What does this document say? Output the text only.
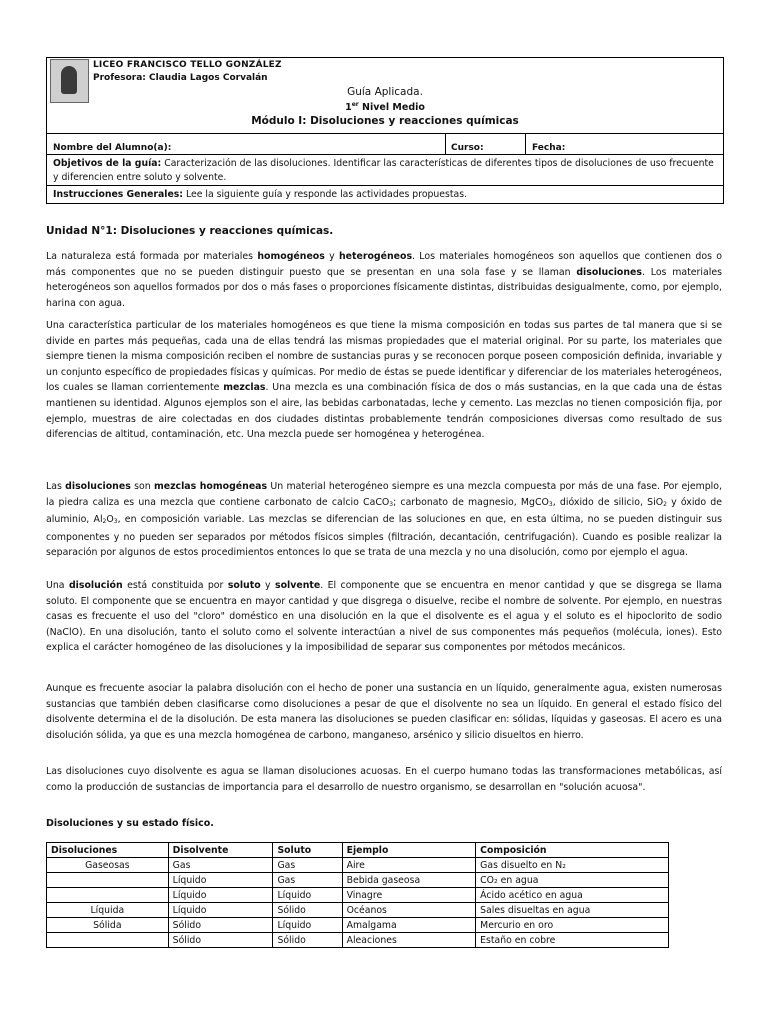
LICEO FRANCISCO TELLO GONZÁLEZ
Profesora: Claudia Lagos Corvalán
Guía Aplicada.
1er Nivel Medio
Módulo I: Disoluciones y reacciones químicas
Nombre del Alumno(a):	Curso:	Fecha:
Objetivos de la guía: Caracterización de las disoluciones. Identificar las características de diferentes tipos de disoluciones de uso frecuente y diferencien entre soluto y solvente.
Instrucciones Generales: Lee la siguiente guía y responde las actividades propuestas.
Unidad N°1: Disoluciones y reacciones químicas.

La naturaleza está formada por materiales homogéneos y heterogéneos. Los materiales homogéneos son aquellos que contienen dos o más componentes que no se pueden distinguir puesto que se presentan en una sola fase y se llaman disoluciones. Los materiales heterogéneos son aquellos formados por dos o más fases o proporciones físicamente distintas, distribuidas desigualmente, como, por ejemplo, harina con agua.

Una característica particular de los materiales homogéneos es que tiene la misma composición en todas sus partes de tal manera que si se divide en partes más pequeñas, cada una de ellas tendrá las mismas propiedades que el material original. Por su parte, los materiales que siempre tienen la misma composición reciben el nombre de sustancias puras y se reconocen porque poseen composición definida, invariable y un conjunto específico de propiedades físicas y químicas. Por medio de éstas se puede identificar y diferenciar de los materiales heterogéneos, los cuales se llaman corrientemente mezclas. Una mezcla es una combinación física de dos o más sustancias, en la que cada una de éstas mantienen su identidad. Algunos ejemplos son el aire, las bebidas carbonatadas, leche y cemento. Las mezclas no tienen composición fija, por ejemplo, muestras de aire colectadas en dos ciudades distintas probablemente tendrán composiciones diversas como resultado de sus diferencias de altitud, contaminación, etc. Una mezcla puede ser homogénea y heterogénea.

Las disoluciones son mezclas homogéneas Un material heterogéneo siempre es una mezcla compuesta por más de una fase. Por ejemplo, la piedra caliza es una mezcla que contiene carbonato de calcio CaCO3; carbonato de magnesio, MgCO3, dióxido de silicio, SiO2 y óxido de aluminio, Al2O3, en composición variable. Las mezclas se diferencian de las soluciones en que, en esta última, no se pueden distinguir sus componentes y no pueden ser separados por métodos físicos simples (filtración, decantación, centrifugación). Cuando es posible realizar la separación por algunos de estos procedimientos entonces lo que se trata de una mezcla y no una disolución, como por ejemplo el agua.

Una disolución está constituida por soluto y solvente. El componente que se encuentra en menor cantidad y que se disgrega se llama soluto. El componente que se encuentra en mayor cantidad y que disgrega o disuelve, recibe el nombre de solvente. Por ejemplo, en nuestras casas es frecuente el uso del "cloro" doméstico en una disolución en la que el disolvente es el agua y el soluto es el hipoclorito de sodio (NaClO). En una disolución, tanto el soluto como el solvente interactúan a nivel de sus componentes más pequeños (molécula, iones). Esto explica el carácter homogéneo de las disoluciones y la imposibilidad de separar sus componentes por métodos mecánicos.

Aunque es frecuente asociar la palabra disolución con el hecho de poner una sustancia en un líquido, generalmente agua, existen numerosas sustancias que también deben clasificarse como disoluciones a pesar de que el disolvente no sea un líquido. En general el estado físico del disolvente determina el de la disolución. De esta manera las disoluciones se pueden clasificar en: sólidas, líquidas y gaseosas. El acero es una disolución sólida, ya que es una mezcla homogénea de carbono, manganeso, arsénico y silicio disueltos en hierro.

Las disoluciones cuyo disolvente es agua se llaman disoluciones acuosas. En el cuerpo humano todas las transformaciones metabólicas, así como la producción de sustancias de importancia para el desarrollo de nuestro organismo, se desarrollan en "solución acuosa".

Disoluciones y su estado físico.
Disoluciones	Disolvente	Soluto	Ejemplo	Composición
Gaseosas	Gas	Gas	Aire	Gas disuelto en N₂
	Líquido	Gas	Bebida gaseosa	CO₂ en agua
	Líquido	Líquido	Vinagre	Ácido acético en agua
Líquida	Líquido	Sólido	Océanos	Sales disueltas en agua
Sólida	Sólido	Líquido	Amalgama	Mercurio en oro
	Sólido	Sólido	Aleaciones	Estaño en cobre
